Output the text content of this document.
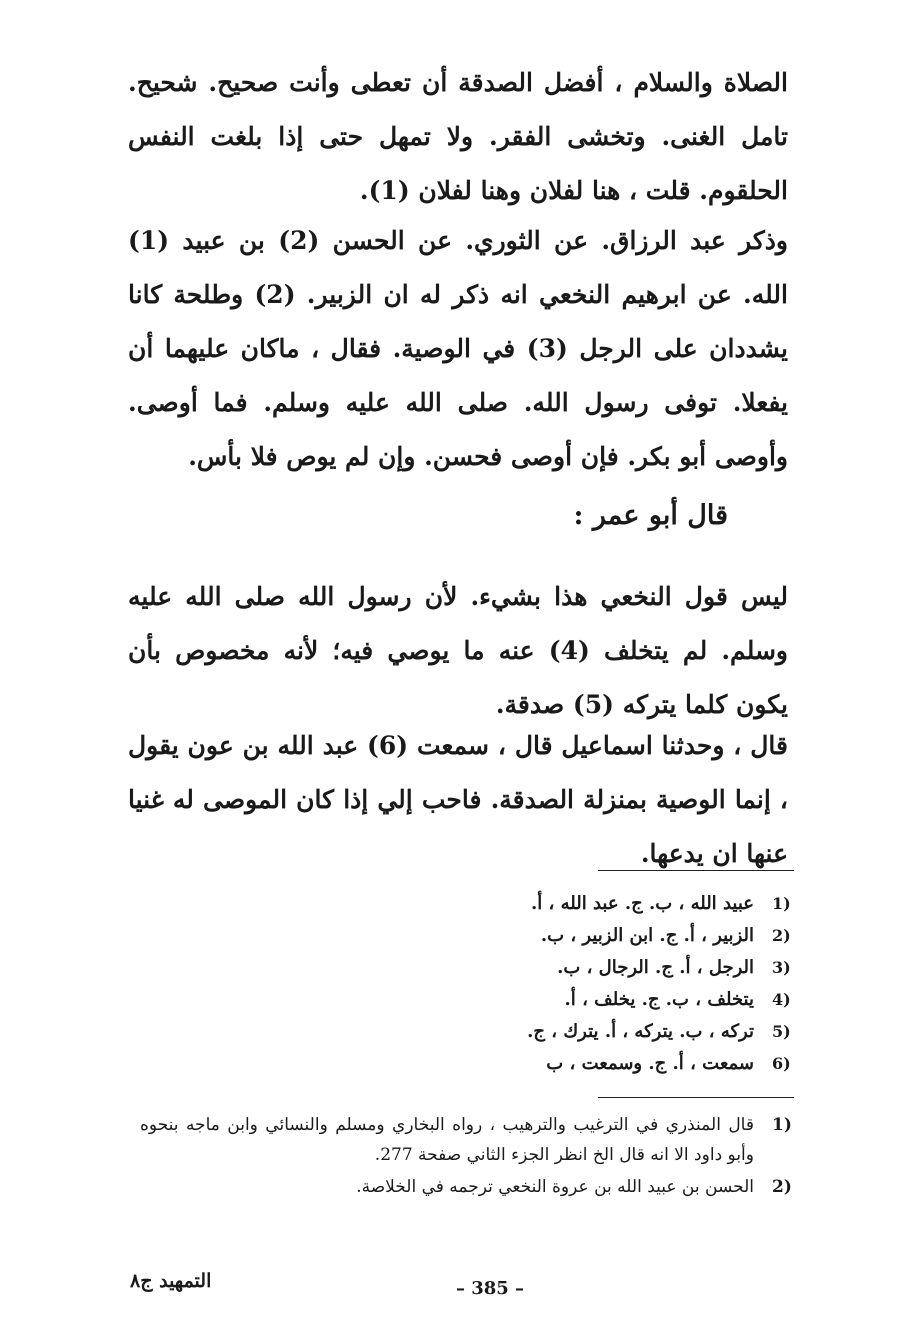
الصلاة والسلام ، أفضل الصدقة أن تعطى وأنت صحيح. شحيح. تامل الغنى. وتخشى الفقر. ولا تمهل حتى إذا بلغت النفس الحلقوم. قلت ، هنا لفلان وهنا لفلان (1).

وذكر عبد الرزاق. عن الثوري. عن الحسن (2) بن عبيد (1) الله. عن ابرهيم النخعي انه ذكر له ان الزبير. (2) وطلحة كانا يشددان على الرجل (3) في الوصية. فقال ، ماكان عليهما أن يفعلا. توفى رسول الله. صلى الله عليه وسلم. فما أوصى. وأوصى أبو بكر. فإن أوصى فحسن. وإن لم يوص فلا بأس.

قال أبو عمر :

ليس قول النخعي هذا بشيء. لأن رسول الله صلى الله عليه وسلم. لم يتخلف (4) عنه ما يوصي فيه؛ لأنه مخصوص بأن يكون كلما يتركه (5) صدقة.

قال ، وحدثنا اسماعيل قال ، سمعت (6) عبد الله بن عون يقول ، إنما الوصية بمنزلة الصدقة. فاحب إلي إذا كان الموصى له غنيا عنها ان يدعها.

1)
عبيد الله ، ب. ج. عبد الله ، أ.
2)
الزبير ، أ. ج. ابن الزبير ، ب.
3)
الرجل ، أ. ج. الرجال ، ب.
4)
يتخلف ، ب. ج. يخلف ، أ.
5)
تركه ، ب. يتركه ، أ. يترك ، ج.
6)
سمعت ، أ. ج. وسمعت ، ب
1)
قال المنذري في الترغيب والترهيب ، رواه البخاري ومسلم والنسائي وابن ماجه بنحوه وأبو داود الا انه قال الخ انظر الجزء الثاني صفحة 277.
2)
الحسن بن عبيد الله بن عروة النخعي ترجمه في الخلاصة.
التمهيد ج٨	– 385 –
